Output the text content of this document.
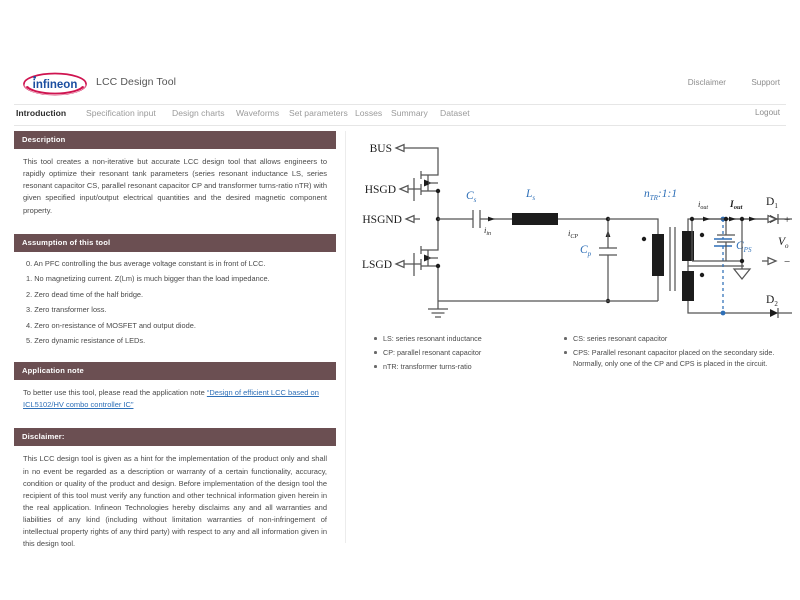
infineon LCC Design Tool	Disclaimer	Support
Introduction Specification input Design charts Waveforms Set parameters Losses Summary Dataset	Logout
Description
This tool creates a non-iterative but accurate LCC design tool that allows engineers to rapidly optimize their resonant tank parameters (series resonant inductance LS, series resonant capacitor CS, parallel resonant capacitor CP and transformer turns-ratio nTR) with given specified input/output electrical quantities and the desired magnetic component property.
Assumption of this tool
0. An PFC controlling the bus average voltage constant is in front of LCC.
1. No magnetizing current. Z(Lm) is much bigger than the load impedance.
2. Zero dead time of the half bridge.
3. Zero transformer loss.
4. Zero on-resistance of MOSFET and output diode.
5. Zero dynamic resistance of LEDs.
Application note
To better use this tool, please read the application note “Design of efficient LCC based on ICL5102/HV combo controller IC”
Disclaimer:
This LCC design tool is given as a hint for the implementation of the product only and shall in no event be regarded as a description or warranty of a certain functionality, accuracy, condition or quality of the product and design. Before implementation of the design tool the recipient of this tool must verify any function and other technical information given herein in the real application. Infineon Technologies hereby disclaims any and all warranties and liabilities of any kind (including without limitation warranties of non-infringement of intellectual property rights of any third party) with respect to any and all information given in this design tool.
BUS
HSGD
HSGND
LSGD
$C_s$
$i_{in}$
$L_s$
$i_{CP}$
$C_p$
$n_{TR}:1:1$
$C_{PS}$
$D_1$
$D_2$
+
−
$V_o$
$i_{out}$ $I_{out}$
LS: series resonant inductance
CP: parallel resonant capacitor
nTR: transformer turns-ratio
CS: series resonant capacitor
CPS: Parallel resonant capacitor placed on the secondary side. Normally, only one of the CP and CPS is placed in the circuit.
